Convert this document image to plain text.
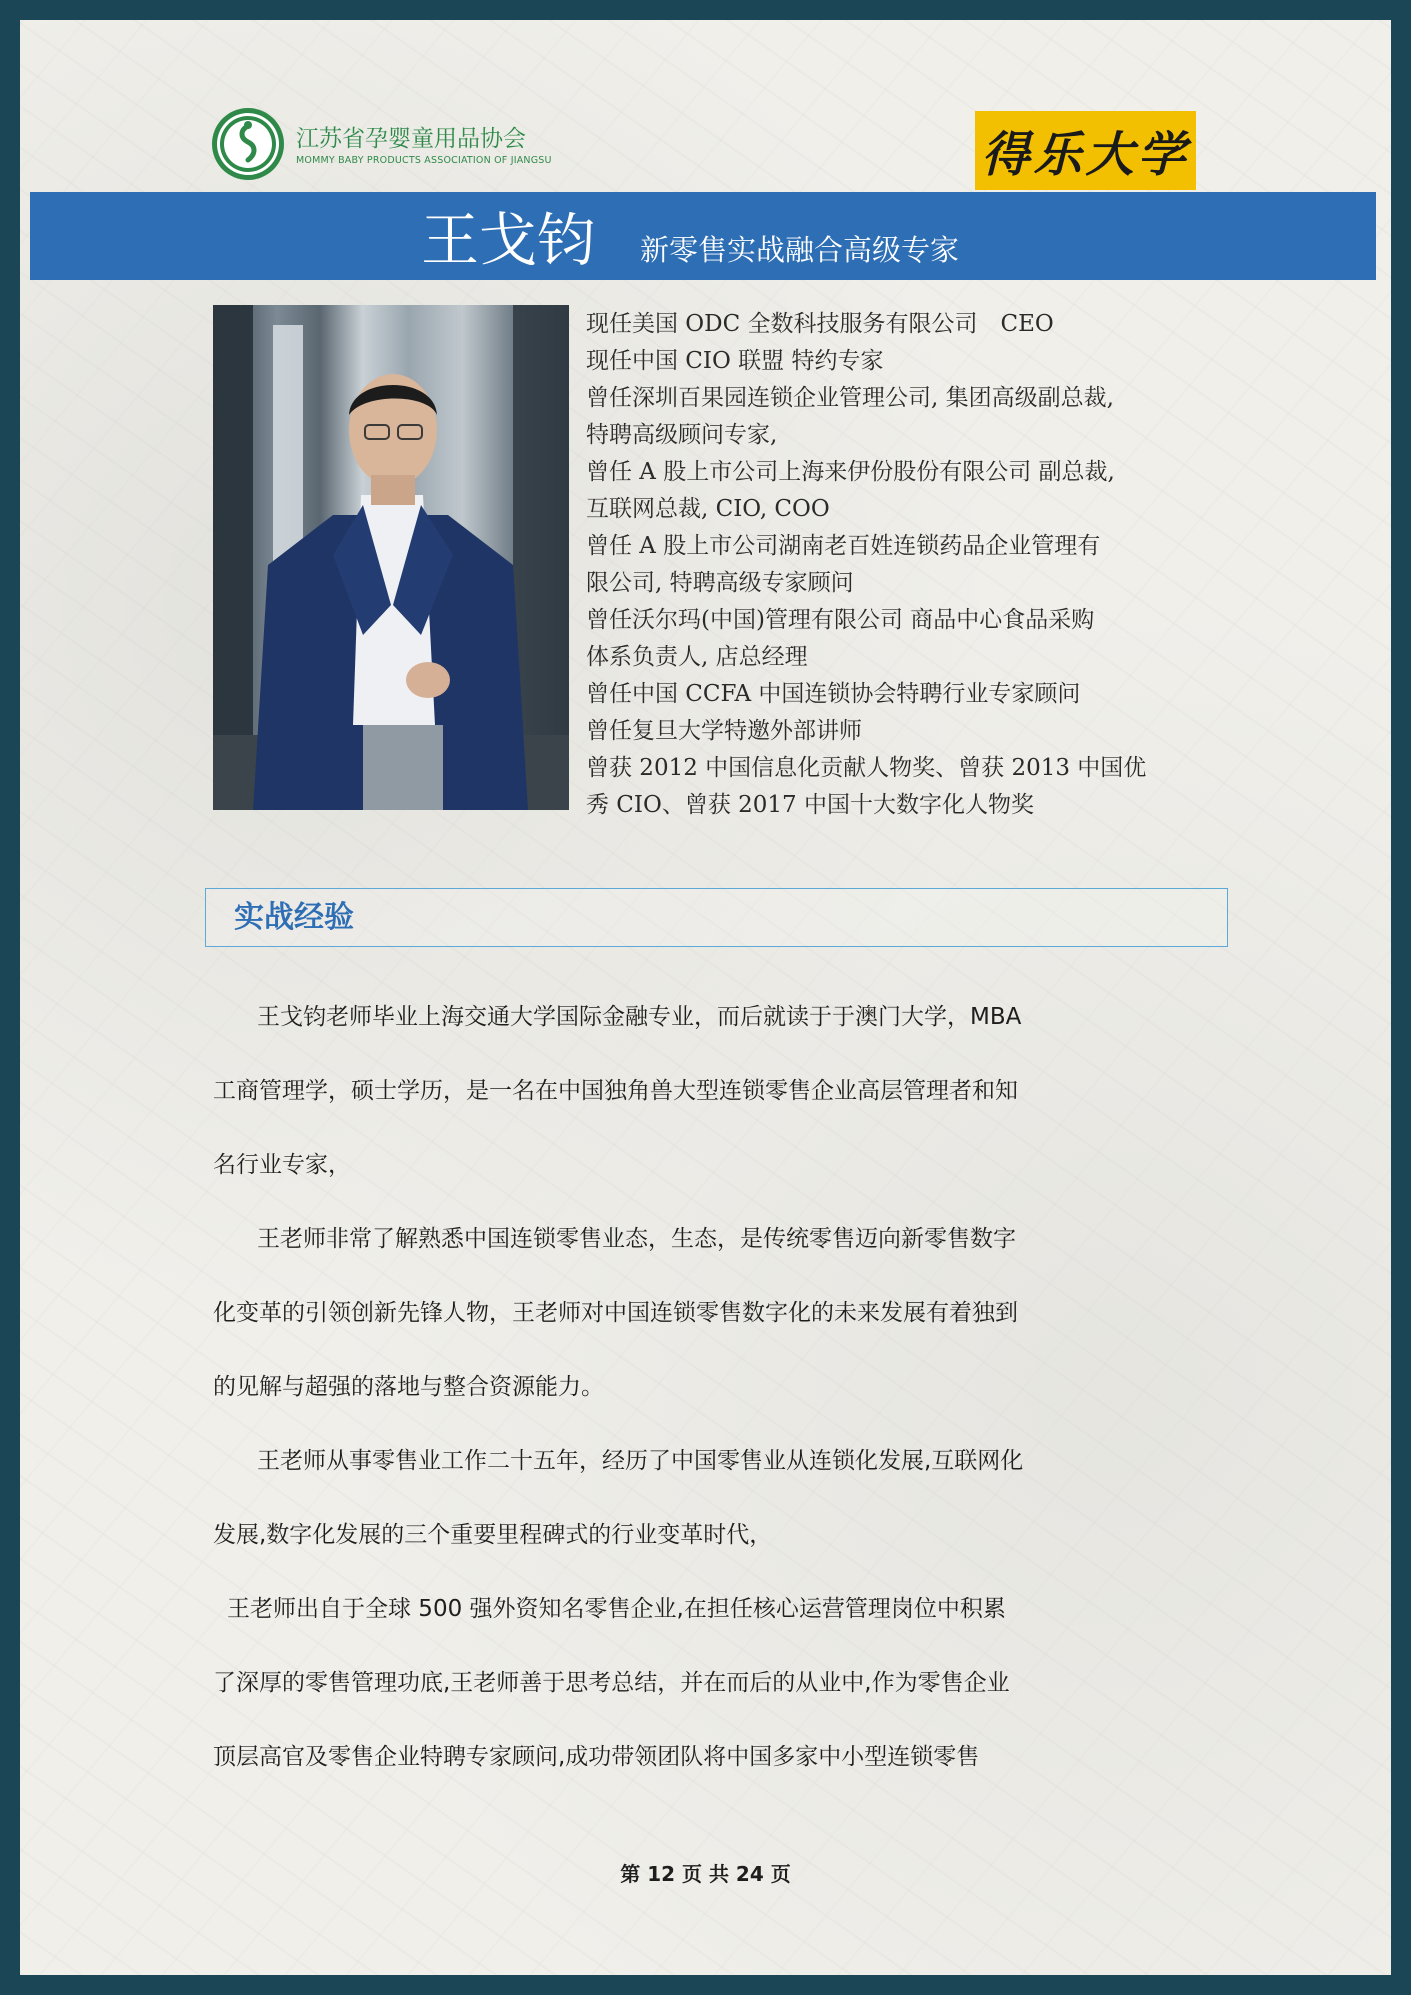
江苏省孕婴童用品协会
MOMMY BABY PRODUCTS ASSOCIATION OF JIANGSU	得乐大学
王戈钧 新零售实战融合高级专家
现任美国 ODC 全数科技服务有限公司　CEO
现任中国 CIO 联盟 特约专家
曾任深圳百果园连锁企业管理公司, 集团高级副总裁,
特聘高级顾问专家,
曾任 A 股上市公司上海来伊份股份有限公司 副总裁,
互联网总裁, CIO, COO
曾任 A 股上市公司湖南老百姓连锁药品企业管理有
限公司, 特聘高级专家顾问
曾任沃尔玛(中国)管理有限公司 商品中心食品采购
体系负责人, 店总经理
曾任中国 CCFA 中国连锁协会特聘行业专家顾问
曾任复旦大学特邀外部讲师
曾获 2012 中国信息化贡献人物奖、曾获 2013 中国优
秀 CIO、曾获 2017 中国十大数字化人物奖
实战经验
王戈钧老师毕业上海交通大学国际金融专业，而后就读于于澳门大学，MBA
工商管理学，硕士学历，是一名在中国独角兽大型连锁零售企业高层管理者和知
名行业专家，
王老师非常了解熟悉中国连锁零售业态，生态，是传统零售迈向新零售数字
化变革的引领创新先锋人物，王老师对中国连锁零售数字化的未来发展有着独到
的见解与超强的落地与整合资源能力。
王老师从事零售业工作二十五年，经历了中国零售业从连锁化发展,互联网化
发展,数字化发展的三个重要里程碑式的行业变革时代，
王老师出自于全球 500 强外资知名零售企业,在担任核心运营管理岗位中积累
了深厚的零售管理功底,王老师善于思考总结，并在而后的从业中,作为零售企业
顶层高官及零售企业特聘专家顾问,成功带领团队将中国多家中小型连锁零售
第 12 页 共 24 页
